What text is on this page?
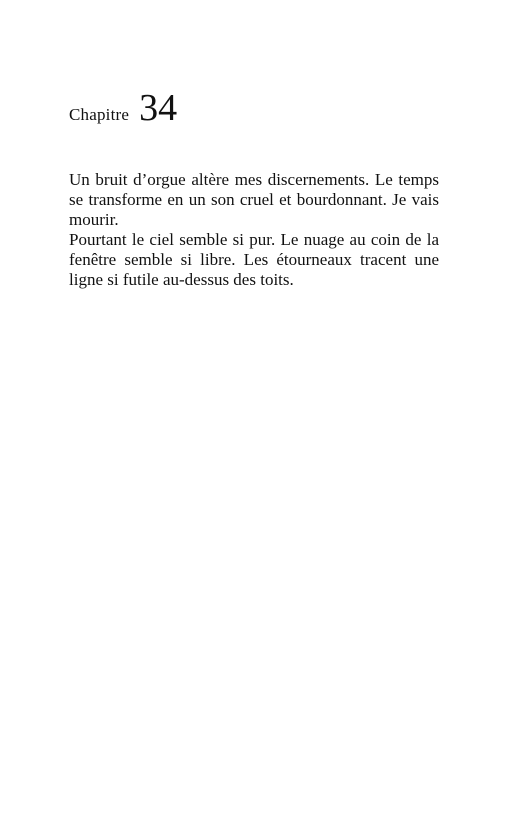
Chapitre 34

Un bruit d’orgue altère mes discernements. Le temps se transforme en un son cruel et bourdonnant. Je vais mourir.

Pourtant le ciel semble si pur. Le nuage au coin de la fenêtre semble si libre. Les étourneaux tracent une ligne si futile au-dessus des toits.
